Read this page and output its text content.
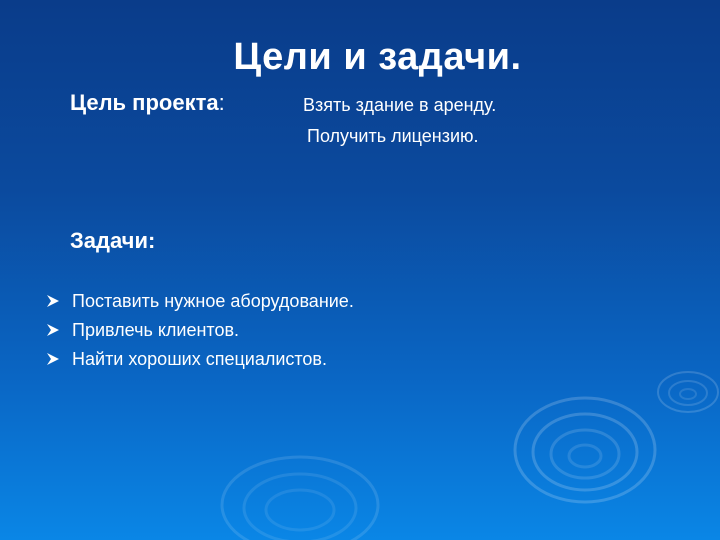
Цели и задачи.
Цель проекта:	Взять здание в аренду.
Получить лицензию.
Задачи:
Поставить нужное аборудование.
Привлечь клиентов.
Найти хороших специалистов.
